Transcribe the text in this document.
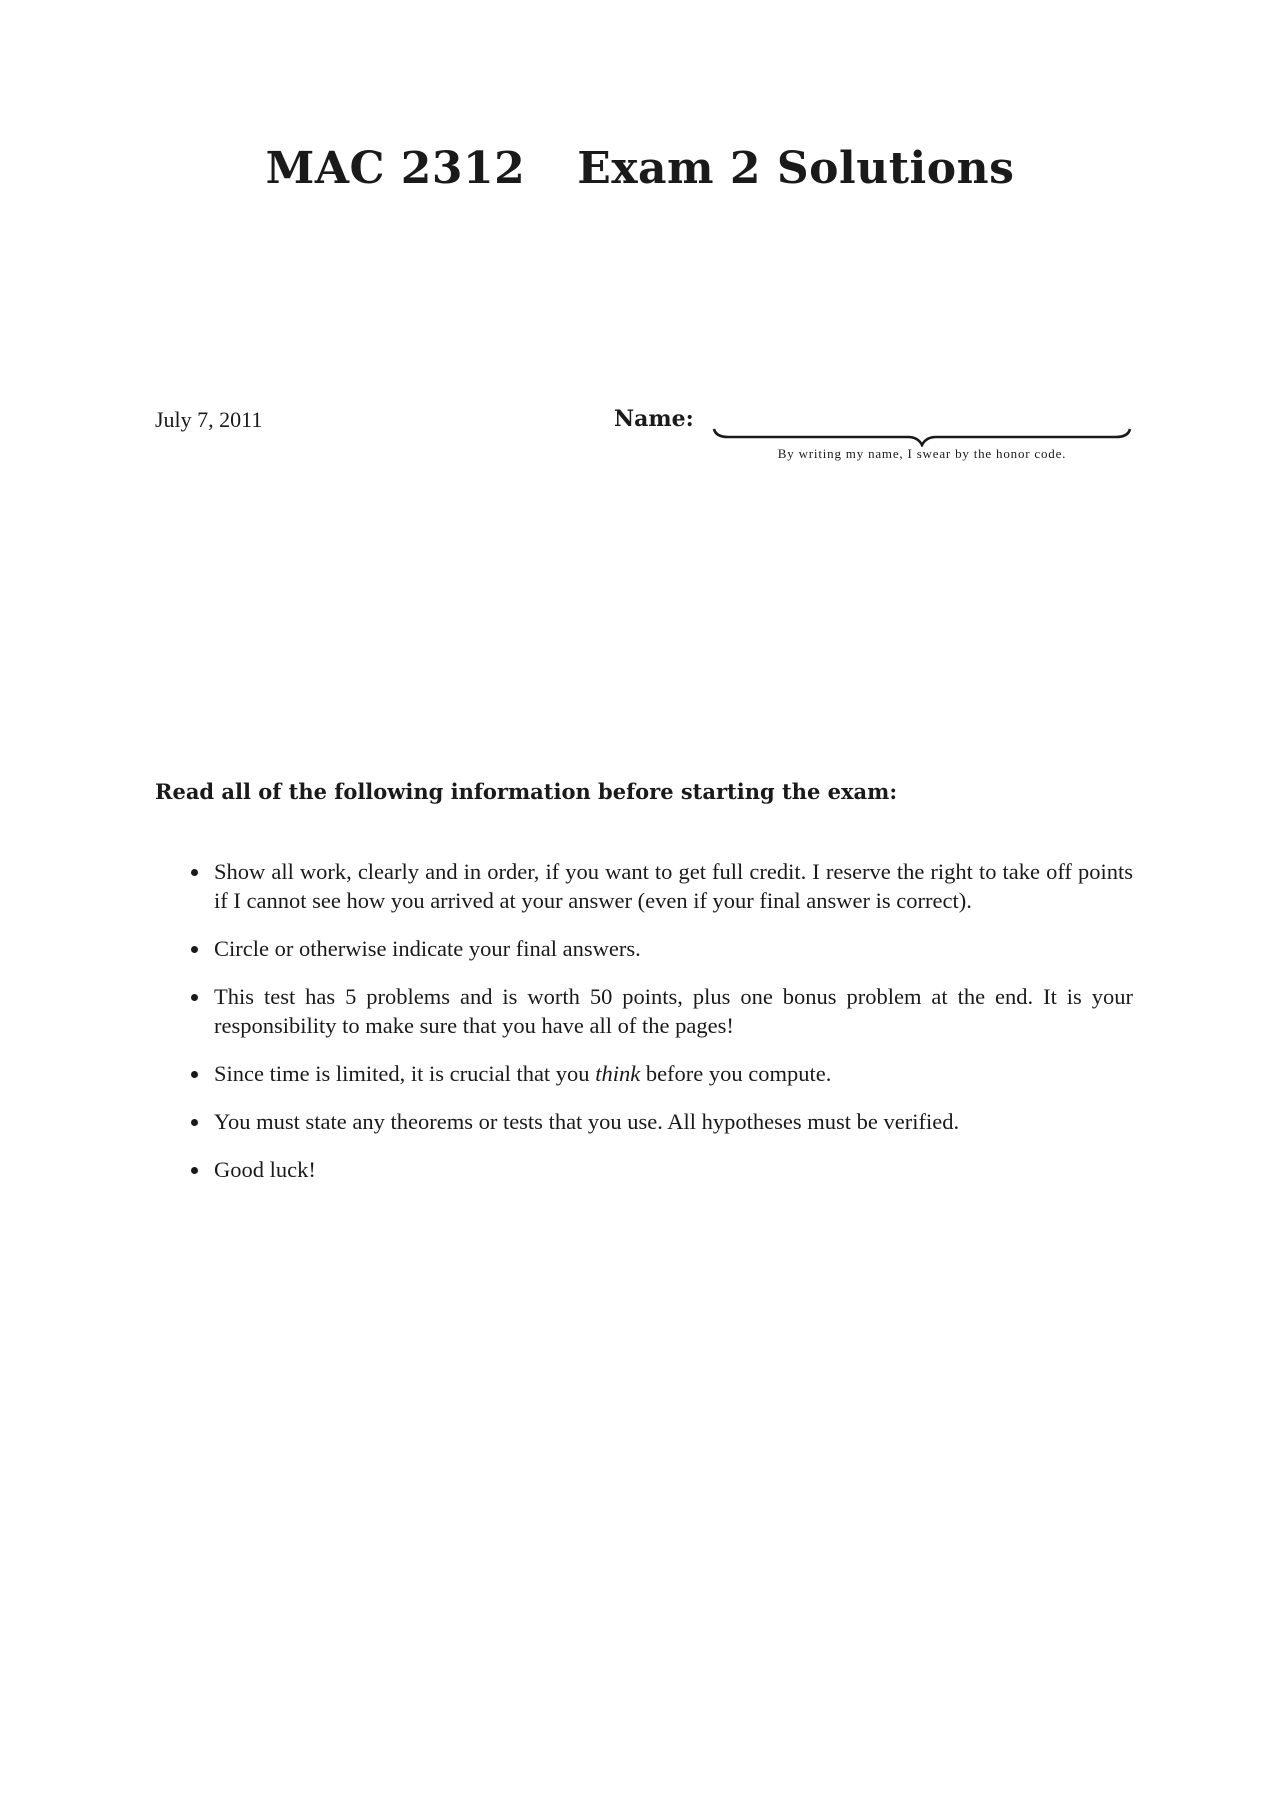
MAC 2312 Exam 2 Solutions
July 7, 2011	Name:
By writing my name, I swear by the honor code.
Read all of the following information before starting the exam:
Show all work, clearly and in order, if you want to get full credit. I reserve the right to take off points if I cannot see how you arrived at your answer (even if your final answer is correct).
Circle or otherwise indicate your final answers.
This test has 5 problems and is worth 50 points, plus one bonus problem at the end. It is your responsibility to make sure that you have all of the pages!
Since time is limited, it is crucial that you think before you compute.
You must state any theorems or tests that you use. All hypotheses must be verified.
Good luck!
